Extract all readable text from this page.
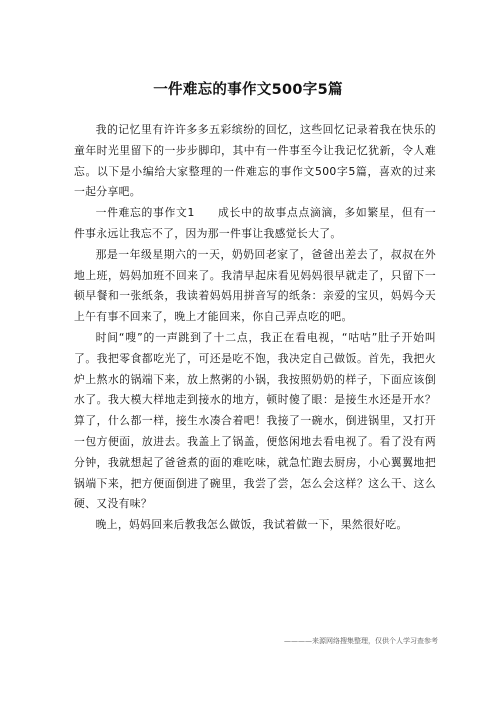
一件难忘的事作文500字5篇

我的记忆里有许许多多五彩缤纷的回忆，这些回忆记录着我在快乐的童年时光里留下的一步步脚印，其中有一件事至今让我记忆犹新，令人难忘。以下是小编给大家整理的一件难忘的事作文500字5篇，喜欢的过来一起分享吧。

一件难忘的事作文1　　成长中的故事点点滴滴，多如繁星，但有一件事永远让我忘不了，因为那一件事让我感觉长大了。

那是一年级星期六的一天，奶奶回老家了，爸爸出差去了，叔叔在外地上班，妈妈加班不回来了。我清早起床看见妈妈很早就走了，只留下一顿早餐和一张纸条，我读着妈妈用拼音写的纸条：亲爱的宝贝，妈妈今天上午有事不回来了，晚上才能回来，你自己弄点吃的吧。

时间“嗖”的一声跳到了十二点，我正在看电视，“咕咕”肚子开始叫了。我把零食都吃光了，可还是吃不饱，我决定自己做饭。首先，我把火炉上熬水的锅端下来，放上熬粥的小锅，我按照奶奶的样子，下面应该倒水了。我大模大样地走到接水的地方，顿时傻了眼：是接生水还是开水？算了，什么都一样，接生水凑合着吧！我接了一碗水，倒进锅里，又打开一包方便面，放进去。我盖上了锅盖，便悠闲地去看电视了。看了没有两分钟，我就想起了爸爸煮的面的难吃味，就急忙跑去厨房，小心翼翼地把锅端下来，把方便面倒进了碗里，我尝了尝，怎么会这样？这么干、这么硬、又没有味？

晚上，妈妈回来后教我怎么做饭，我试着做一下，果然很好吃。

————来源网络搜集整理，仅供个人学习查参考
